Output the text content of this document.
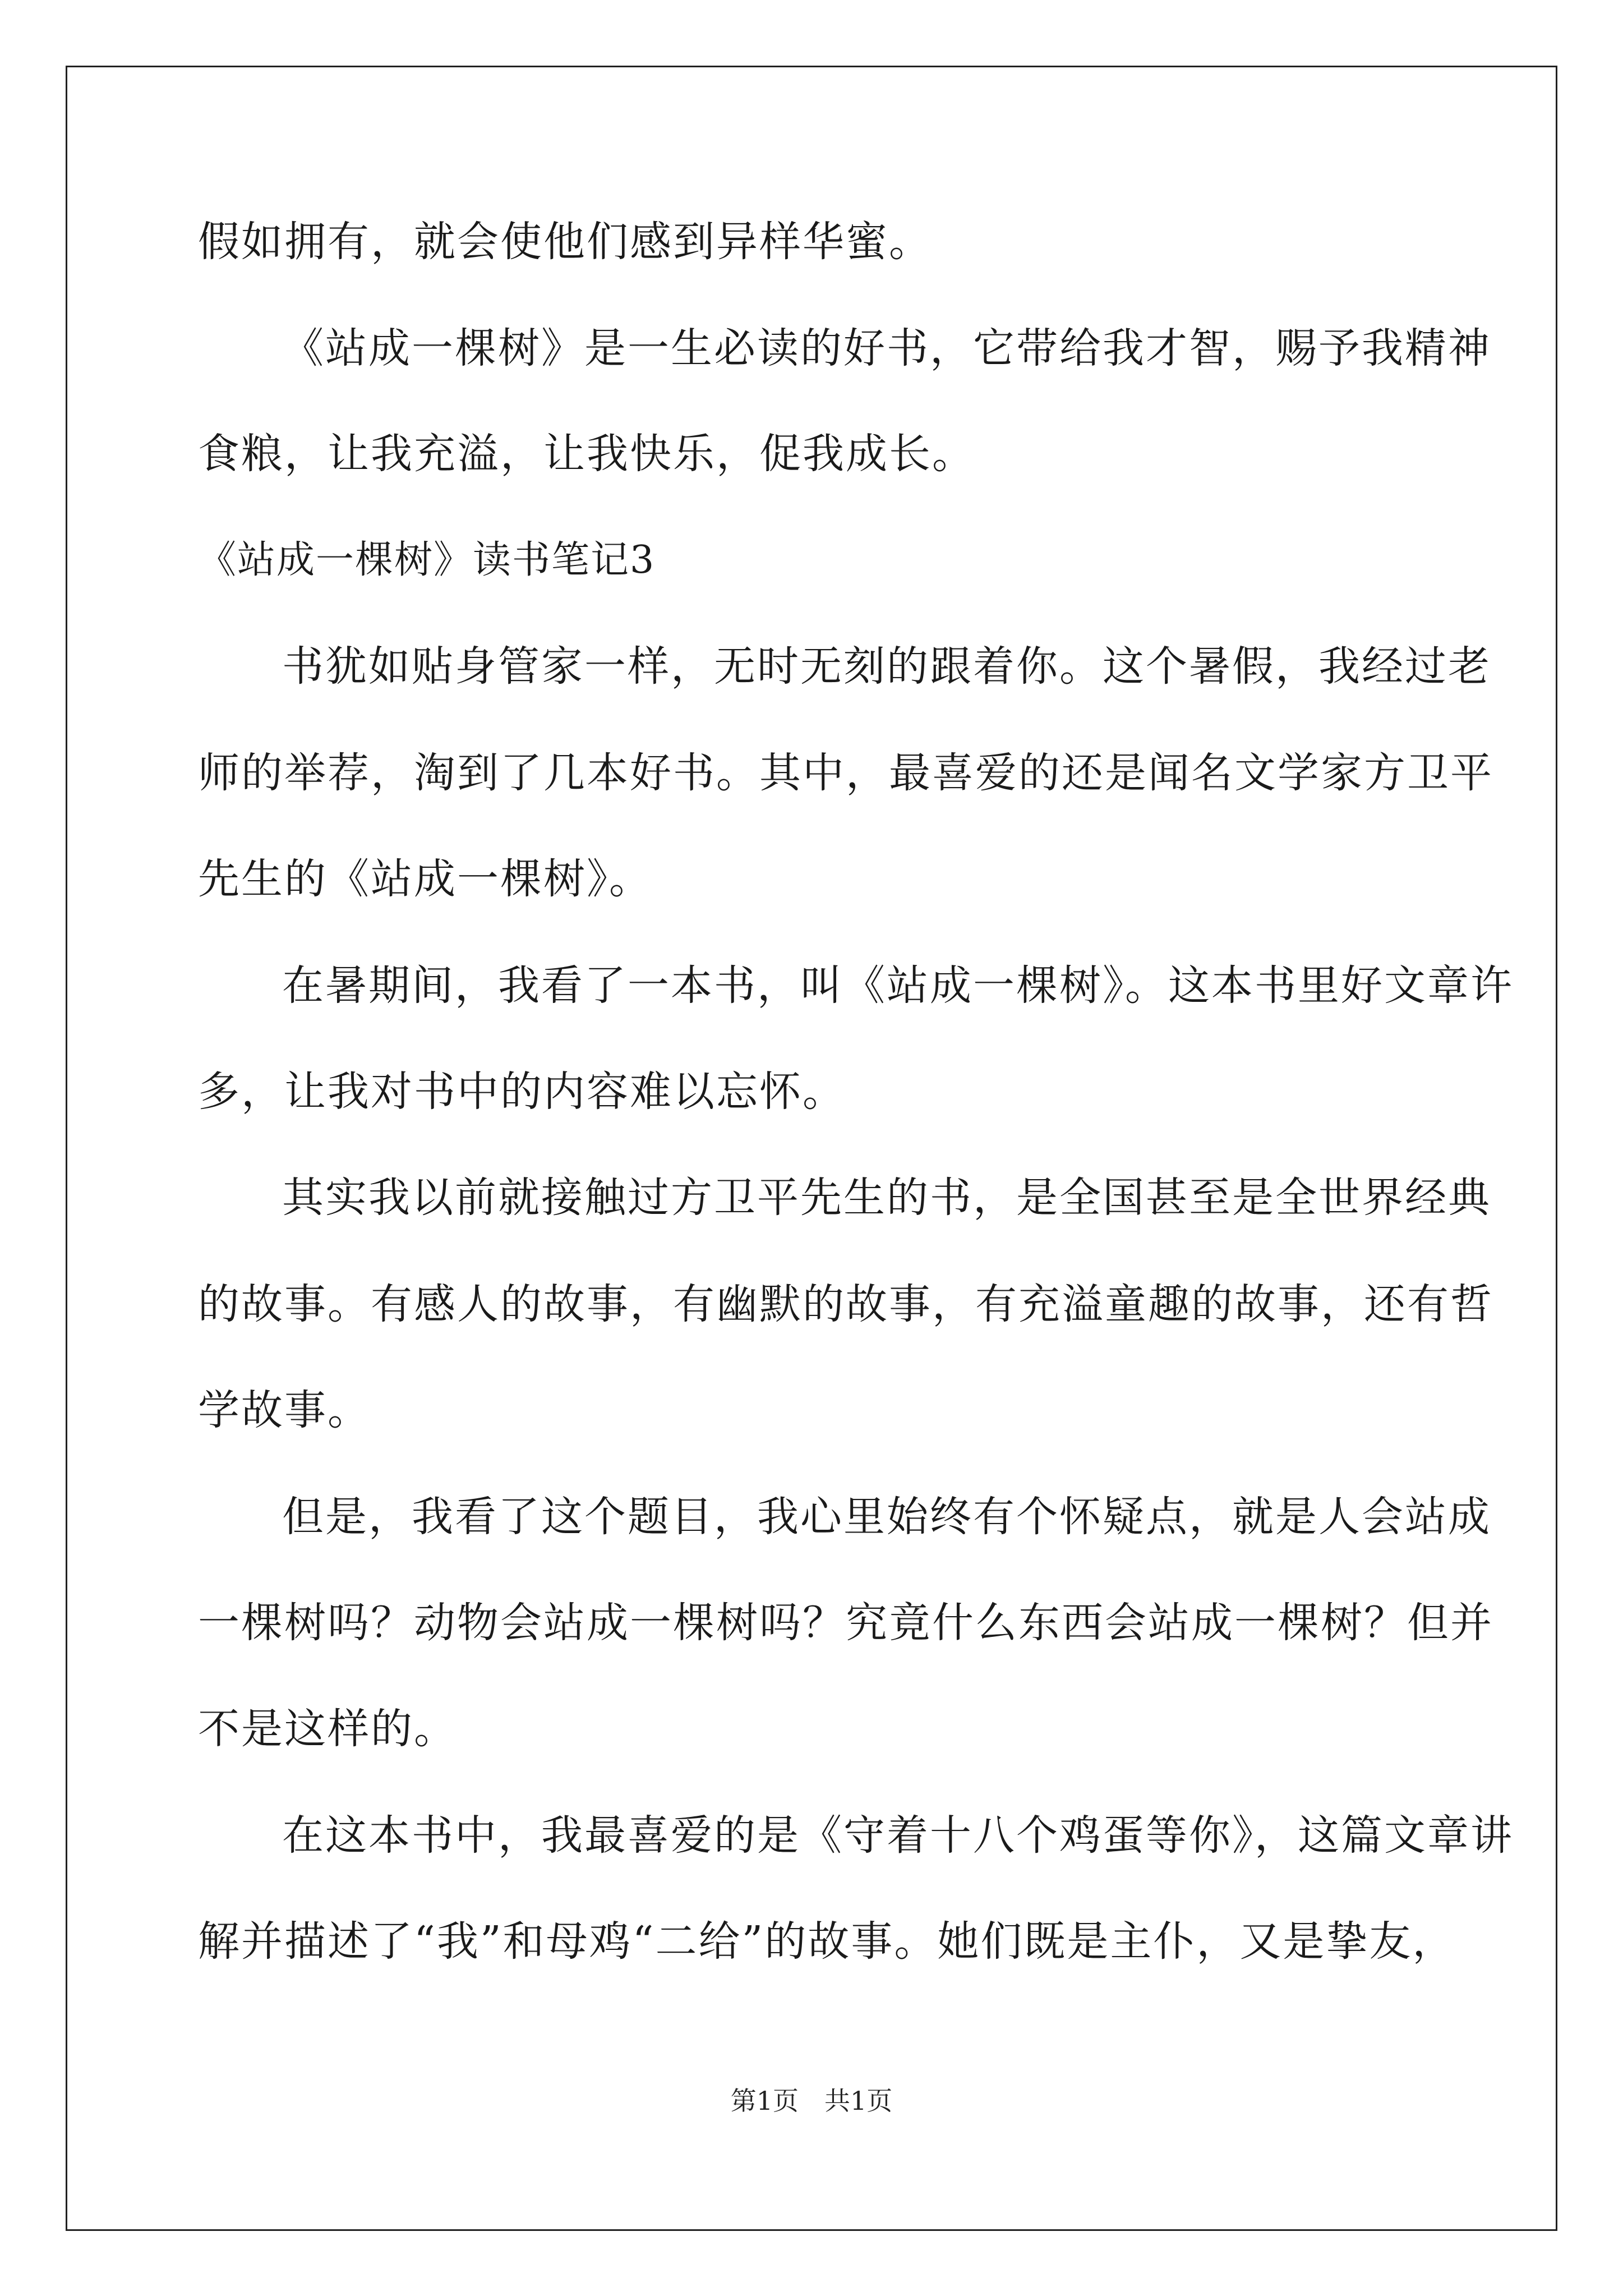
假如拥有，就会使他们感到异样华蜜。
《站成一棵树》是一生必读的好书，它带给我才智，赐予我精神
食粮，让我充溢，让我快乐，促我成长。
《站成一棵树》读书笔记3
书犹如贴身管家一样，无时无刻的跟着你。这个暑假，我经过老
师的举荐，淘到了几本好书。其中，最喜爱的还是闻名文学家方卫平
先生的《站成一棵树》。
在暑期间，我看了一本书，叫《站成一棵树》。这本书里好文章许
多，让我对书中的内容难以忘怀。
其实我以前就接触过方卫平先生的书，是全国甚至是全世界经典
的故事。有感人的故事，有幽默的故事，有充溢童趣的故事，还有哲
学故事。
但是，我看了这个题目，我心里始终有个怀疑点，就是人会站成
一棵树吗？动物会站成一棵树吗？究竟什么东西会站成一棵树？但并
不是这样的。
在这本书中，我最喜爱的是《守着十八个鸡蛋等你》，这篇文章讲
解并描述了“我”和母鸡“二给”的故事。她们既是主仆，又是挚友，
第1页　共1页
